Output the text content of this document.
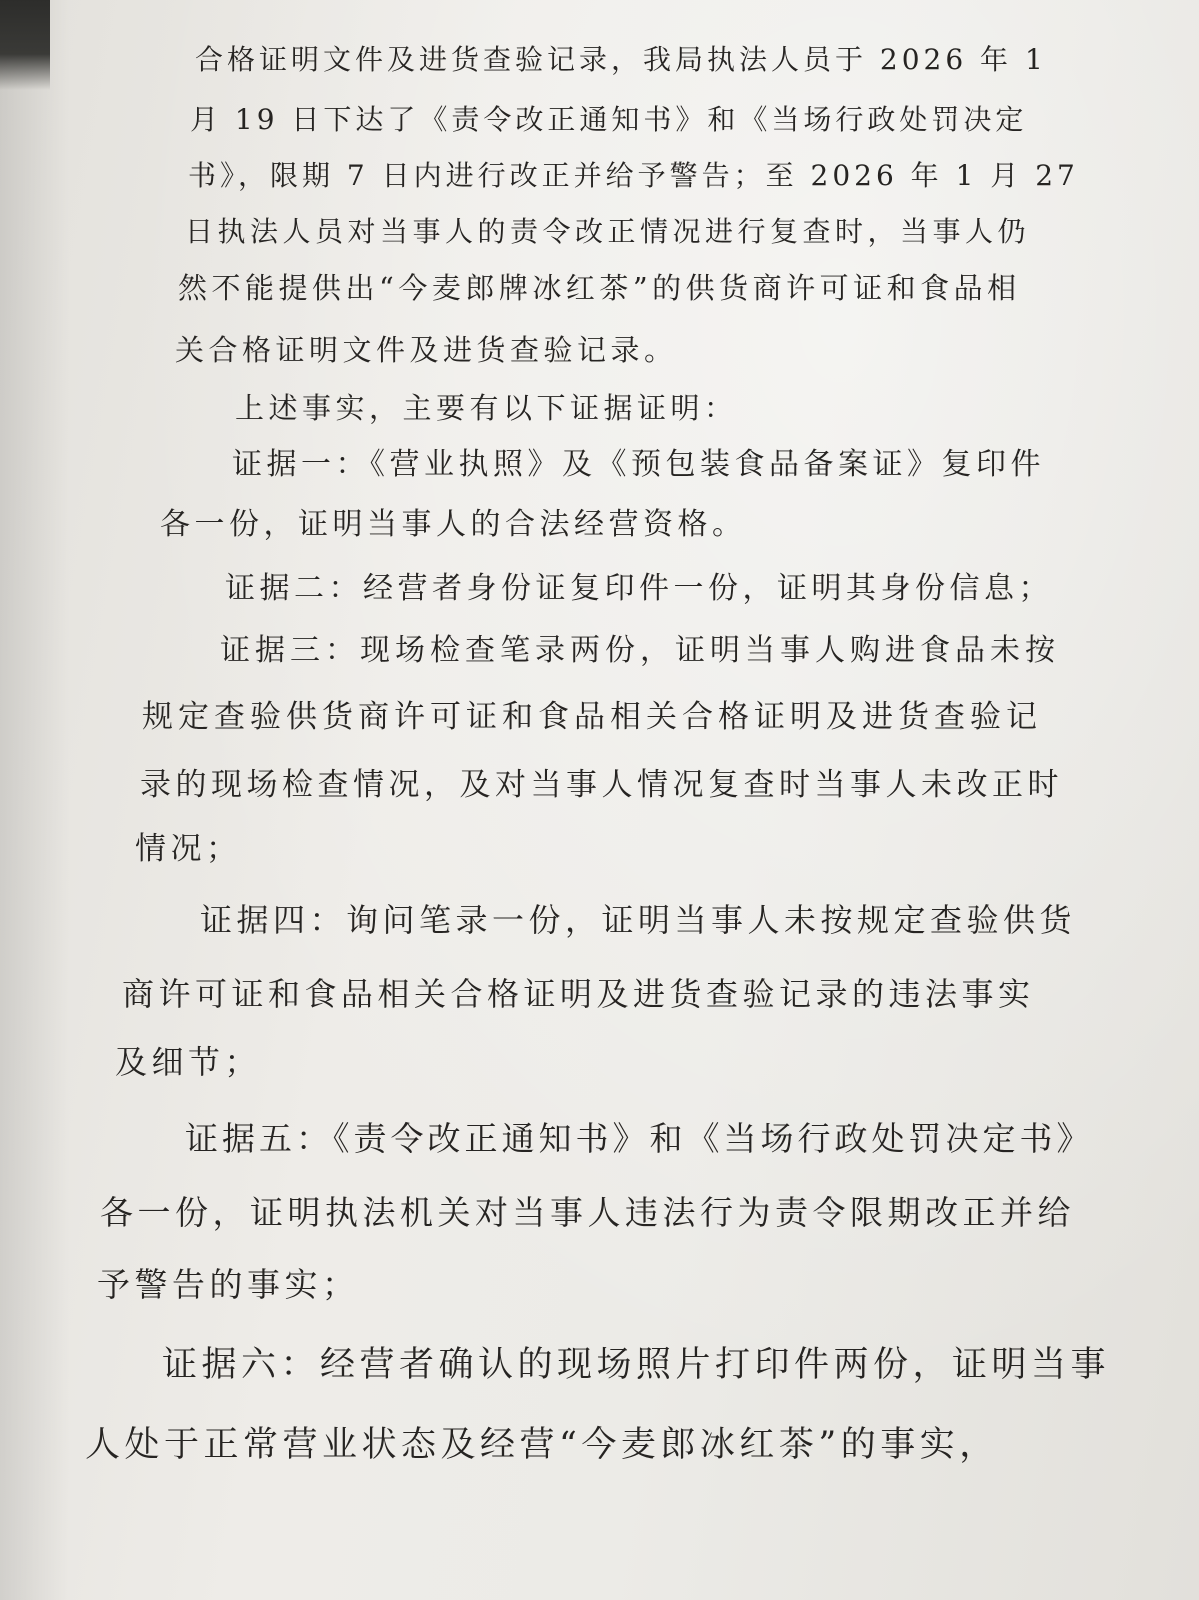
合格证明文件及进货查验记录，我局执法人员于 2026 年 1
月 19 日下达了《责令改正通知书》和《当场行政处罚决定
书》，限期 7 日内进行改正并给予警告；至 2026 年 1 月 27
日执法人员对当事人的责令改正情况进行复查时，当事人仍
然不能提供出“今麦郎牌冰红茶”的供货商许可证和食品相
关合格证明文件及进货查验记录。
上述事实，主要有以下证据证明：
证据一：《营业执照》及《预包装食品备案证》复印件
各一份，证明当事人的合法经营资格。
证据二：经营者身份证复印件一份，证明其身份信息；
证据三：现场检查笔录两份，证明当事人购进食品未按
规定查验供货商许可证和食品相关合格证明及进货查验记
录的现场检查情况，及对当事人情况复查时当事人未改正时
情况；
证据四：询问笔录一份，证明当事人未按规定查验供货
商许可证和食品相关合格证明及进货查验记录的违法事实
及细节；
证据五：《责令改正通知书》和《当场行政处罚决定书》
各一份，证明执法机关对当事人违法行为责令限期改正并给
予警告的事实；
证据六：经营者确认的现场照片打印件两份，证明当事
人处于正常营业状态及经营“今麦郎冰红茶”的事实，
